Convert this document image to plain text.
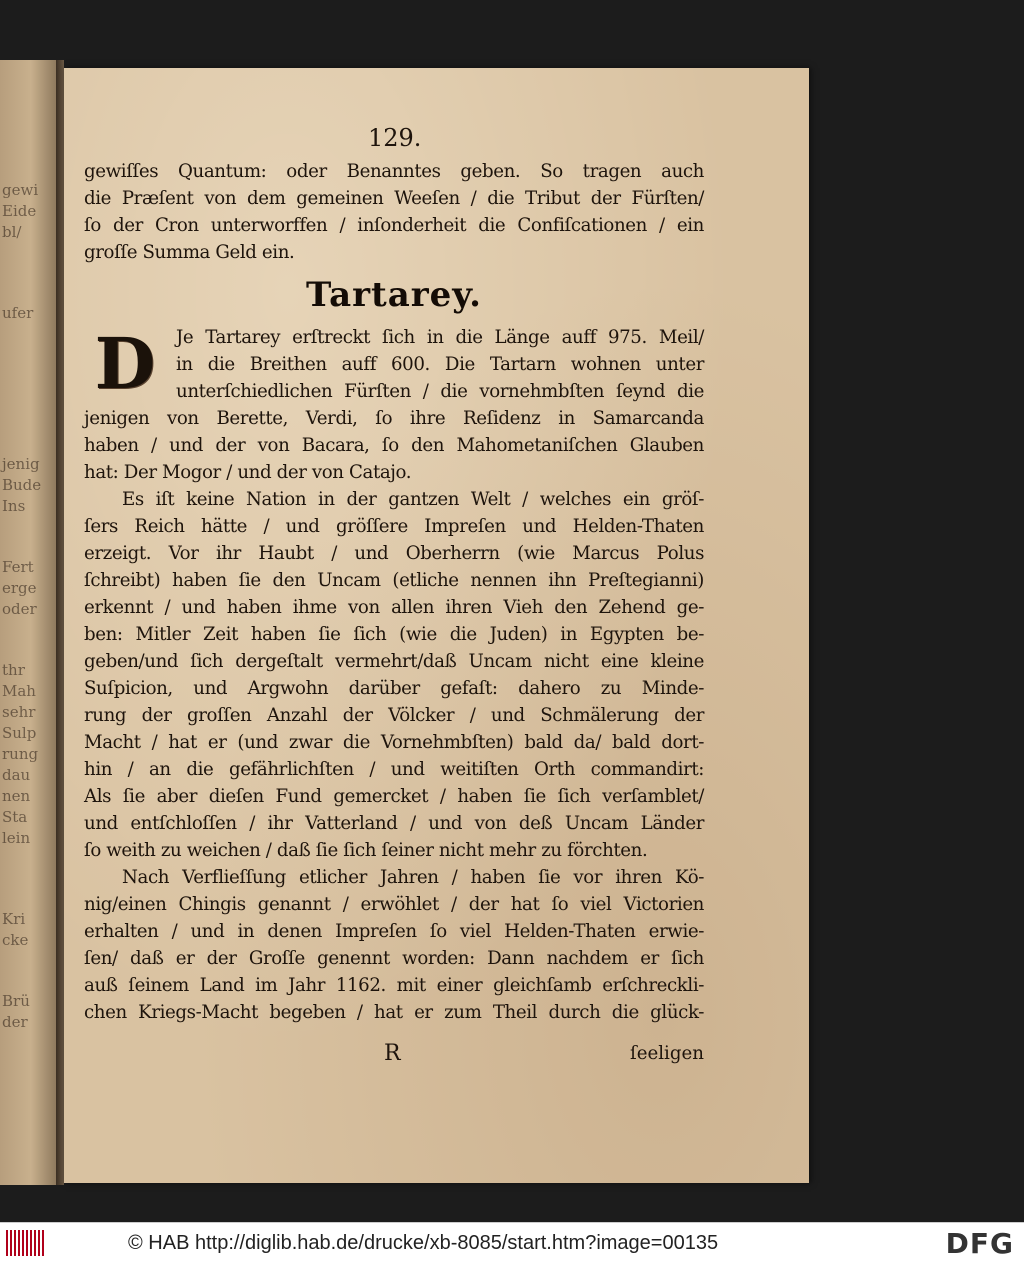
gewi
Eide
bl/
ufer
jenig
Bude
Ins
Fert
erge
oder
thr
Mah
sehr
Sulp
rung
dau
nen
Sta
lein
Kri
cke
Brü
der
129.
gewiſſes Quantum: oder Benanntes geben. So tragen auch
die Præſent von dem gemeinen Weeſen / die Tribut der Fürſten/
ſo der Cron unterworffen / inſonderheit die Confiſcationen / ein
groſſe Summa Geld ein.
Tartarey.
D	Je Tartarey erſtreckt ſich in die Länge auff 975. Meil/
in die Breithen auff 600. Die Tartarn wohnen unter
unterſchiedlichen Fürſten / die vornehmbſten ſeynd die
jenigen von Berette, Verdi, ſo ihre Reſidenz in Samarcanda
haben / und der von Bacara, ſo den Mahometaniſchen Glauben
hat: Der Mogor / und der von Catajo.
Es iſt keine Nation in der gantzen Welt / welches ein gröſ-
ſers Reich hätte / und gröſſere Impreſen und Helden-Thaten
erzeigt. Vor ihr Haubt / und Oberherrn (wie Marcus Polus
ſchreibt) haben ſie den Uncam (etliche nennen ihn Preſtegianni)
erkennt / und haben ihme von allen ihren Vieh den Zehend ge-
ben: Mitler Zeit haben ſie ſich (wie die Juden) in Egypten be-
geben/und ſich dergeſtalt vermehrt/daß Uncam nicht eine kleine
Suſpicion, und Argwohn darüber gefaſt: dahero zu Minde-
rung der groſſen Anzahl der Völcker / und Schmälerung der
Macht / hat er (und zwar die Vornehmbſten) bald da/ bald dort-
hin / an die gefährlichſten / und weitiſten Orth commandirt:
Als ſie aber dieſen Fund gemercket / haben ſie ſich verſamblet/
und entſchloſſen / ihr Vatterland / und von deß Uncam Länder
ſo weith zu weichen / daß ſie ſich ſeiner nicht mehr zu förchten.
Nach Verflieſſung etlicher Jahren / haben ſie vor ihren Kö-
nig/einen Chingis genannt / erwöhlet / der hat ſo viel Victorien
erhalten / und in denen Impreſen ſo viel Helden-Thaten erwie-
ſen/ daß er der Groſſe genennt worden: Dann nachdem er ſich
auß ſeinem Land im Jahr 1162. mit einer gleichſamb erſchreckli-
chen Kriegs-Macht begeben / hat er zum Theil durch die glück-
R	ſeeligen
© HAB http://diglib.hab.de/drucke/xb-8085/start.htm?image=00135	DFG
